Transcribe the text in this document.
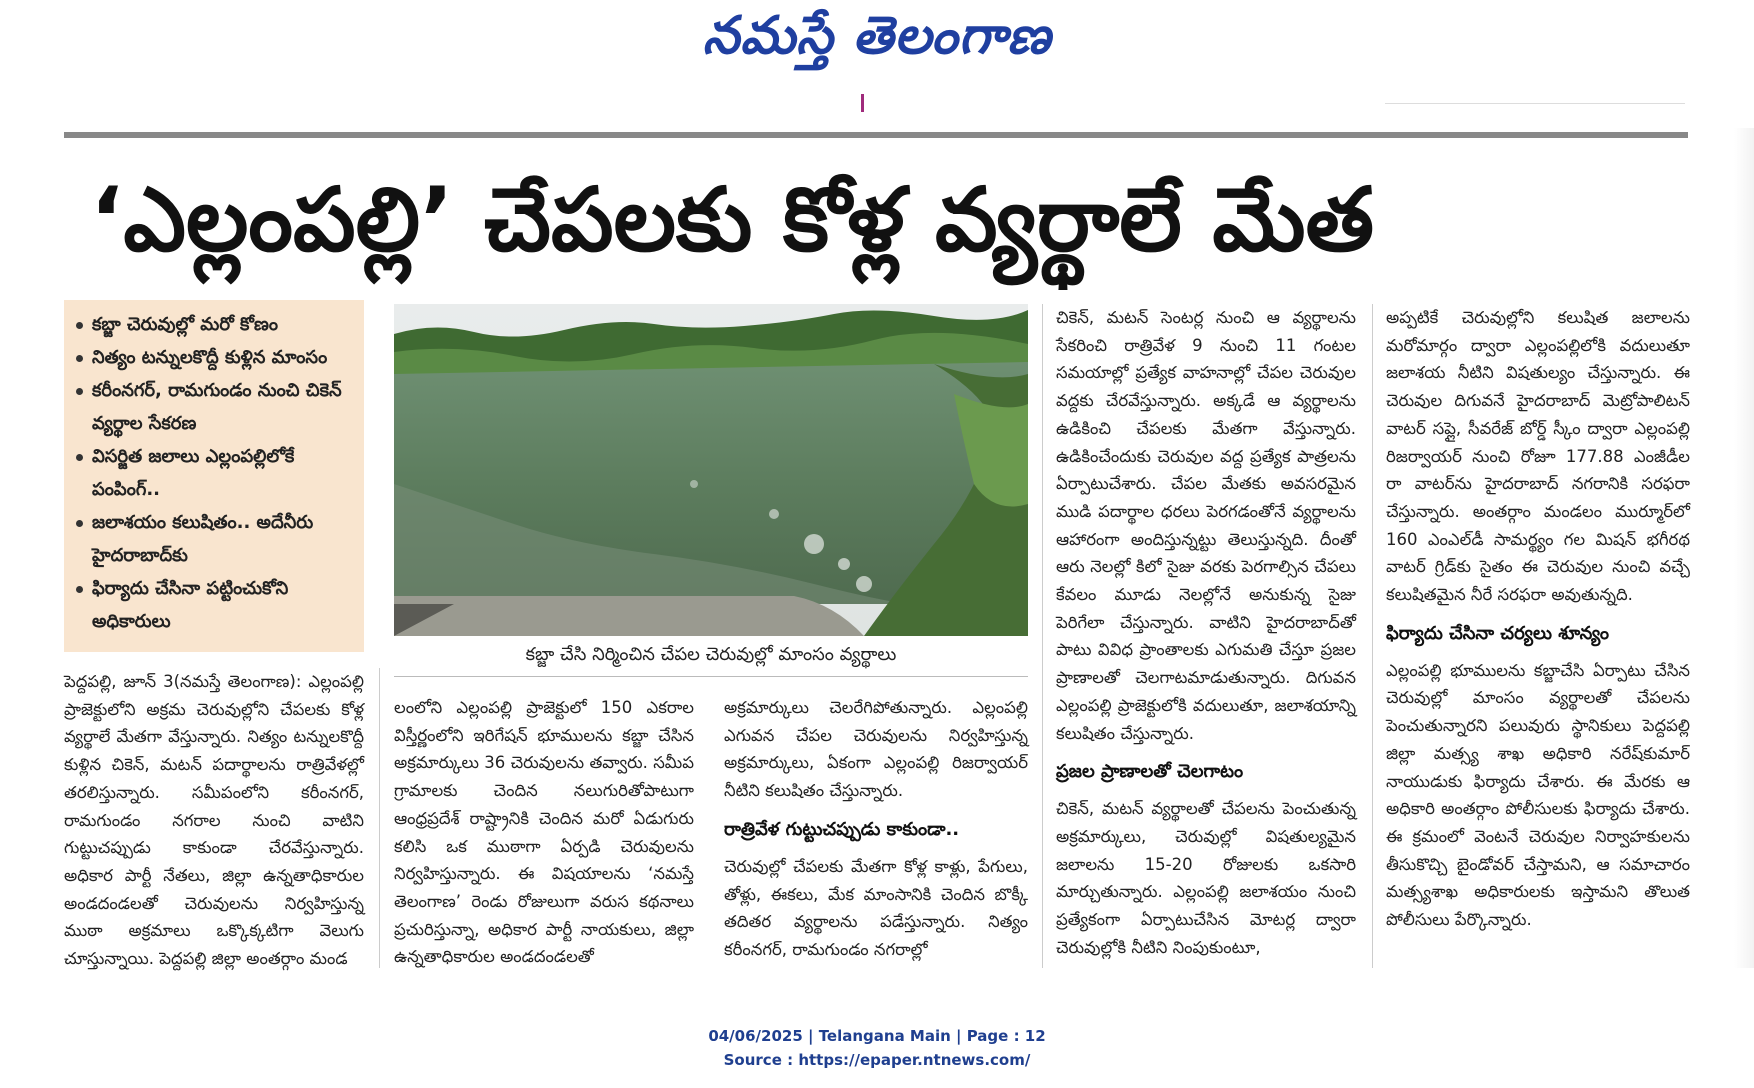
నమస్తే తెలంగాణ
‘ఎల్లంపల్లి’ చేపలకు కోళ్ల వ్యర్థాలే మేత
కబ్జా చెరువుల్లో మరో కోణం
నిత్యం టన్నులకొద్దీ కుళ్లిన మాంసం
కరీంనగర్, రామగుండం నుంచి చికెన్ వ్యర్థాల సేకరణ
విసర్జిత జలాలు ఎల్లంపల్లిలోకే పంపింగ్..
జలాశయం కలుషితం.. అదేనీరు హైదరాబాద్‌కు
ఫిర్యాదు చేసినా పట్టించుకోని అధికారులు
కబ్జా చేసి నిర్మించిన చేపల చెరువుల్లో మాంసం వ్యర్థాలు

పెద్దపల్లి, జూన్ 3(నమస్తే తెలంగాణ): ఎల్లంపల్లి ప్రాజెక్టులోని అక్రమ చెరువుల్లోని చేపలకు కోళ్ల వ్యర్థాలే మేతగా వేస్తున్నారు. నిత్యం టన్నులకొద్దీ కుళ్లిన చికెన్, మటన్ పదార్థాలను రాత్రివేళల్లో తరలిస్తున్నారు. సమీపంలోని కరీంనగర్, రామగుండం నగరాల నుంచి వాటిని గుట్టుచప్పుడు కాకుండా చేరవేస్తున్నారు. అధికార పార్టీ నేతలు, జిల్లా ఉన్నతాధికారుల అండదండలతో చెరువులను నిర్వహిస్తున్న ముఠా అక్రమాలు ఒక్కొక్కటిగా వెలుగు చూస్తున్నాయి. పెద్దపల్లి జిల్లా అంతర్గాం మండ

లంలోని ఎల్లంపల్లి ప్రాజెక్టులో 150 ఎకరాల విస్తీర్ణంలోని ఇరిగేషన్ భూములను కబ్జా చేసిన అక్రమార్కులు 36 చెరువులను తవ్వారు. సమీప గ్రామాలకు చెందిన నలుగురితోపాటుగా ఆంధ్రప్రదేశ్ రాష్ట్రానికి చెందిన మరో ఏడుగురు కలిసి ఒక ముఠాగా ఏర్పడి చెరువులను నిర్వహిస్తున్నారు. ఈ విషయాలను ‘నమస్తే తెలంగాణ’ రెండు రోజులుగా వరుస కథనాలు ప్రచురిస్తున్నా, అధికార పార్టీ నాయకులు, జిల్లా ఉన్నతాధికారుల అండదండలతో

అక్రమార్కులు చెలరేగిపోతున్నారు. ఎల్లంపల్లి ఎగువన చేపల చెరువులను నిర్వహిస్తున్న అక్రమార్కులు, ఏకంగా ఎల్లంపల్లి రిజర్వాయర్ నీటిని కలుషితం చేస్తున్నారు.

రాత్రివేళ గుట్టుచప్పుడు కాకుండా..

చెరువుల్లో చేపలకు మేతగా కోళ్ల కాళ్లు, పేగులు, తోళ్లు, ఈకలు, మేక మాంసానికి చెందిన బొక్కీ తదితర వ్యర్థాలను పడేస్తున్నారు. నిత్యం కరీంనగర్, రామగుండం నగరాల్లో

చికెన్, మటన్ సెంటర్ల నుంచి ఆ వ్యర్థాలను సేకరించి రాత్రివేళ 9 నుంచి 11 గంటల సమయాల్లో ప్రత్యేక వాహనాల్లో చేపల చెరువుల వద్దకు చేరవేస్తున్నారు. అక్కడే ఆ వ్యర్థాలను ఉడికించి చేపలకు మేతగా వేస్తున్నారు. ఉడికించేందుకు చెరువుల వద్ద ప్రత్యేక పాత్రలను ఏర్పాటుచేశారు. చేపల మేతకు అవసరమైన ముడి పదార్థాల ధరలు పెరగడంతోనే వ్యర్థాలను ఆహారంగా అందిస్తున్నట్టు తెలుస్తున్నది. దీంతో ఆరు నెలల్లో కిలో సైజు వరకు పెరగాల్సిన చేపలు కేవలం మూడు నెలల్లోనే అనుకున్న సైజు పెరిగేలా చేస్తున్నారు. వాటిని హైదరాబాద్‌తో పాటు వివిధ ప్రాంతాలకు ఎగుమతి చేస్తూ ప్రజల ప్రాణాలతో చెలగాటమాడుతున్నారు. దిగువన ఎల్లంపల్లి ప్రాజెక్టులోకి వదులుతూ, జలాశయాన్ని కలుషితం చేస్తున్నారు.

ప్రజల ప్రాణాలతో చెలగాటం

చికెన్, మటన్ వ్యర్థాలతో చేపలను పెంచుతున్న అక్రమార్కులు, చెరువుల్లో విషతుల్యమైన జలాలను 15-20 రోజులకు ఒకసారి మార్చుతున్నారు. ఎల్లంపల్లి జలాశయం నుంచి ప్రత్యేకంగా ఏర్పాటుచేసిన మోటర్ల ద్వారా చెరువుల్లోకి నీటిని నింపుకుంటూ,

అప్పటికే చెరువుల్లోని కలుషిత జలాలను మరోమార్గం ద్వారా ఎల్లంపల్లిలోకి వదులుతూ జలాశయ నీటిని విషతుల్యం చేస్తున్నారు. ఈ చెరువుల దిగువనే హైదరాబాద్ మెట్రోపాలిటన్ వాటర్ సప్లై, సీవరేజ్ బోర్డ్ స్కీం ద్వారా ఎల్లంపల్లి రిజర్వాయర్ నుంచి రోజూ 177.88 ఎంజీడీల రా వాటర్‌ను హైదరాబాద్ నగరానికి సరఫరా చేస్తున్నారు. అంతర్గాం మండలం ముర్మూర్‌లో 160 ఎంఎల్‌డీ సామర్థ్యం గల మిషన్ భగీరథ వాటర్ గ్రిడ్‌కు సైతం ఈ చెరువుల నుంచి వచ్చే కలుషితమైన నీరే సరఫరా అవుతున్నది.

ఫిర్యాదు చేసినా చర్యలు శూన్యం

ఎల్లంపల్లి భూములను కబ్జాచేసి ఏర్పాటు చేసిన చెరువుల్లో మాంసం వ్యర్థాలతో చేపలను పెంచుతున్నారని పలువురు స్థానికులు పెద్దపల్లి జిల్లా మత్స్య శాఖ అధికారి నరేష్‌కుమార్ నాయుడుకు ఫిర్యాదు చేశారు. ఈ మేరకు ఆ అధికారి అంతర్గాం పోలీసులకు ఫిర్యాదు చేశారు. ఈ క్రమంలో వెంటనే చెరువుల నిర్వాహకులను తీసుకొచ్చి బైండోవర్ చేస్తామని, ఆ సమాచారం మత్స్యశాఖ అధికారులకు ఇస్తామని తొలుత పోలీసులు పేర్కొన్నారు.

04/06/2025 | Telangana Main | Page : 12
Source : https://epaper.ntnews.com/
